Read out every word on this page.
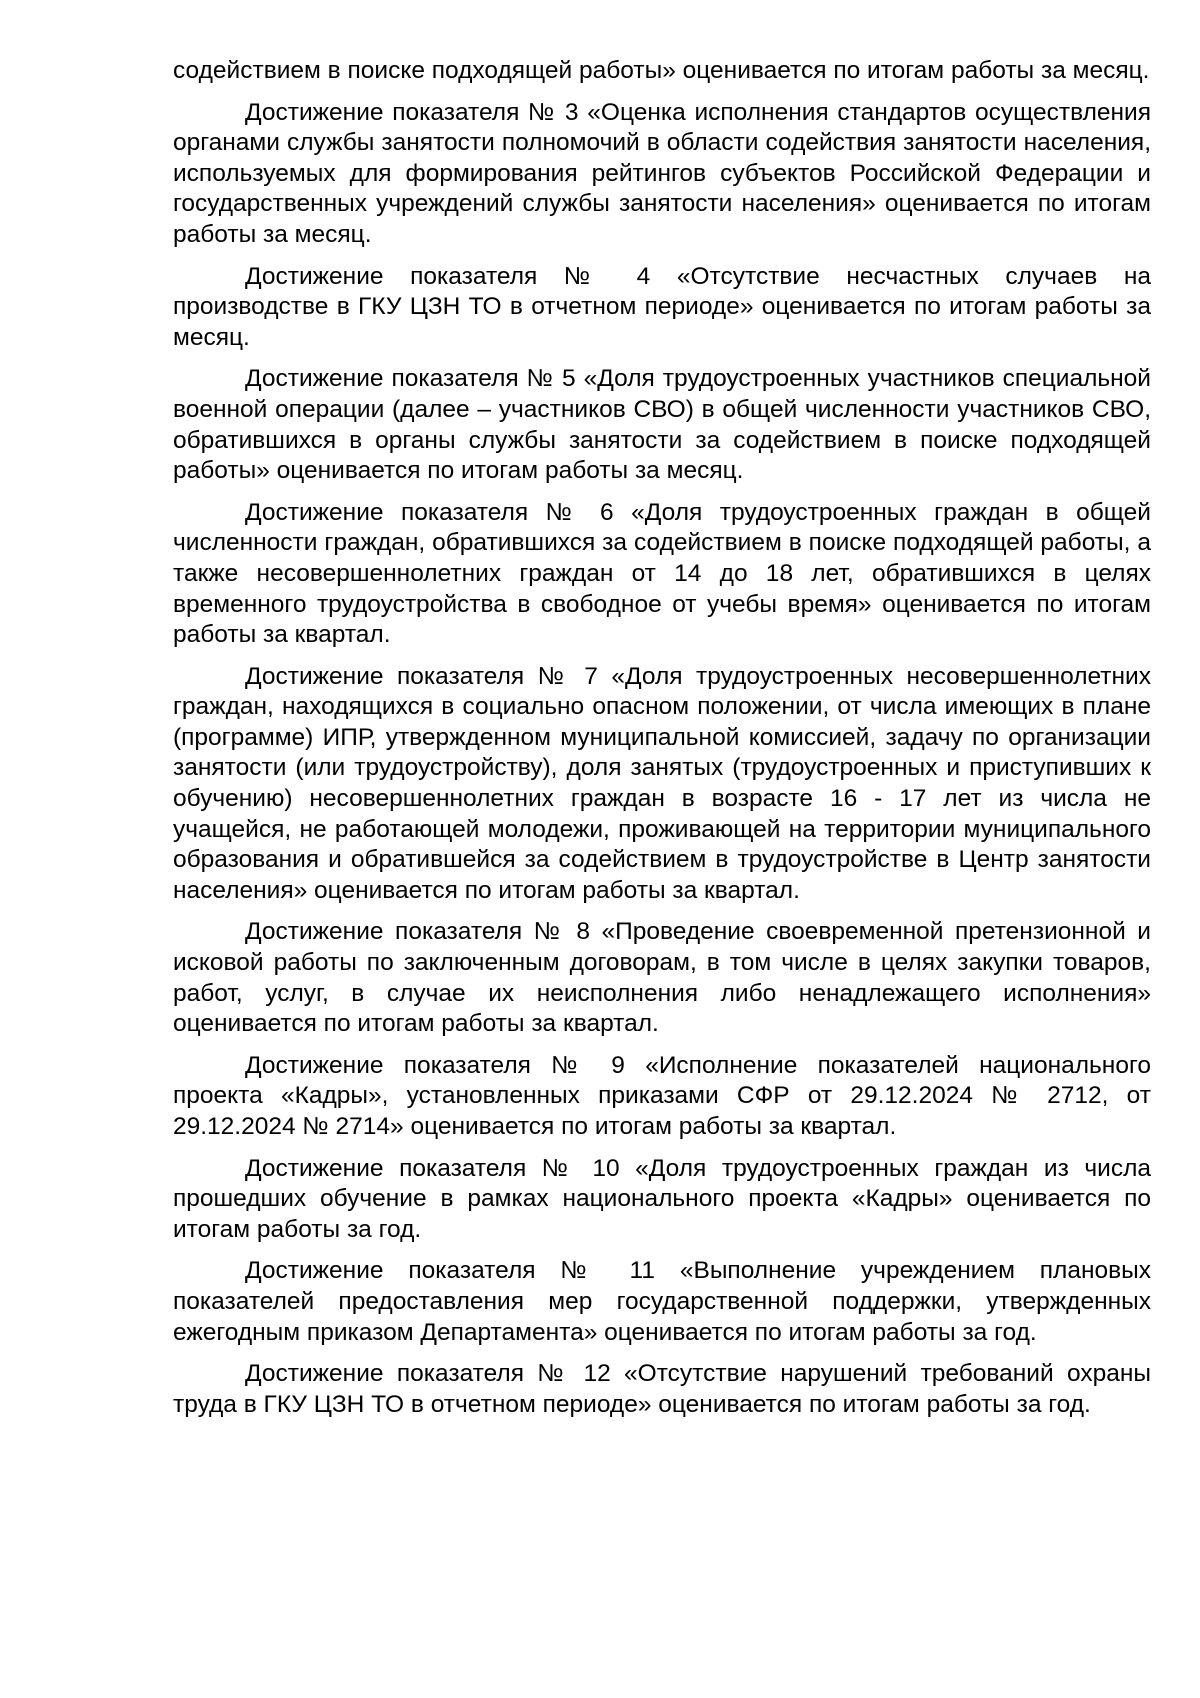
содействием в поиске подходящей работы» оценивается по итогам работы за месяц.

Достижение показателя № 3 «Оценка исполнения стандартов осуществления органами службы занятости полномочий в области содействия занятости населения, используемых для формирования рейтингов субъектов Российской Федерации и государственных учреждений службы занятости населения» оценивается по итогам работы за месяц.

Достижение показателя № 4 «Отсутствие несчастных случаев на производстве в ГКУ ЦЗН ТО в отчетном периоде» оценивается по итогам работы за месяц.

Достижение показателя № 5 «Доля трудоустроенных участников специальной военной операции (далее – участников СВО) в общей численности участников СВО, обратившихся в органы службы занятости за содействием в поиске подходящей работы» оценивается по итогам работы за месяц.

Достижение показателя № 6 «Доля трудоустроенных граждан в общей численности граждан, обратившихся за содействием в поиске подходящей работы, а также несовершеннолетних граждан от 14 до 18 лет, обратившихся в целях временного трудоустройства в свободное от учебы время» оценивается по итогам работы за квартал.

Достижение показателя № 7 «Доля трудоустроенных несовершеннолетних граждан, находящихся в социально опасном положении, от числа имеющих в плане (программе) ИПР, утвержденном муниципальной комиссией, задачу по организации занятости (или трудоустройству), доля занятых (трудоустроенных и приступивших к обучению) несовершеннолетних граждан в возрасте 16 - 17 лет из числа не учащейся, не работающей молодежи, проживающей на территории муниципального образования и обратившейся за содействием в трудоустройстве в Центр занятости населения» оценивается по итогам работы за квартал.

Достижение показателя № 8 «Проведение своевременной претензионной и исковой работы по заключенным договорам, в том числе в целях закупки товаров, работ, услуг, в случае их неисполнения либо ненадлежащего исполнения» оценивается по итогам работы за квартал.

Достижение показателя № 9 «Исполнение показателей национального проекта «Кадры», установленных приказами СФР от 29.12.2024 № 2712, от 29.12.2024 № 2714» оценивается по итогам работы за квартал.

Достижение показателя № 10 «Доля трудоустроенных граждан из числа прошедших обучение в рамках национального проекта «Кадры» оценивается по итогам работы за год.

Достижение показателя № 11 «Выполнение учреждением плановых показателей предоставления мер государственной поддержки, утвержденных ежегодным приказом Департамента» оценивается по итогам работы за год.

Достижение показателя № 12 «Отсутствие нарушений требований охраны труда в ГКУ ЦЗН ТО в отчетном периоде» оценивается по итогам работы за год.
